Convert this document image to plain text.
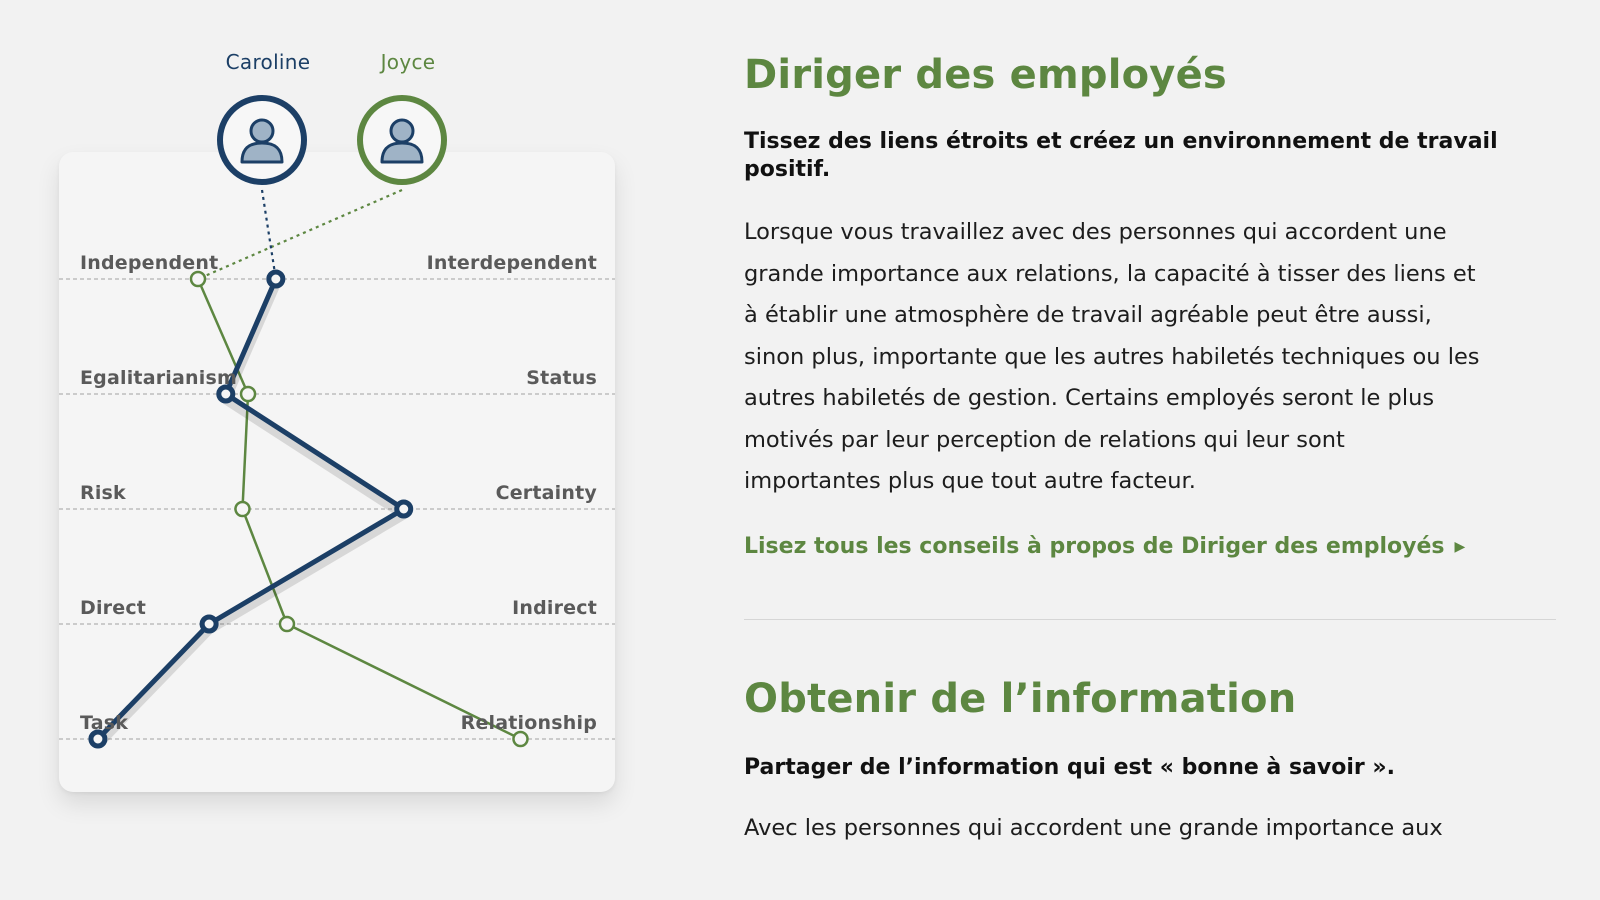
Caroline	Joyce
Independent	Interdependent
Egalitarianism	Status
Risk	Certainty
Direct	Indirect
Task	Relationship
Diriger des employés

Tissez des liens étroits et créez un environnement de travail positif.

Lorsque vous travaillez avec des personnes qui accordent une

grande importance aux relations, la capacité à tisser des liens et

à établir une atmosphère de travail agréable peut être aussi,

sinon plus, importante que les autres habiletés techniques ou les

autres habiletés de gestion. Certains employés seront le plus

motivés par leur perception de relations qui leur sont

importantes plus que tout autre facteur.

Lisez tous les conseils à propos de Diriger des employés ▶
Obtenir de l’information

Partager de l’information qui est « bonne à savoir ».

Avec les personnes qui accordent une grande importance aux
